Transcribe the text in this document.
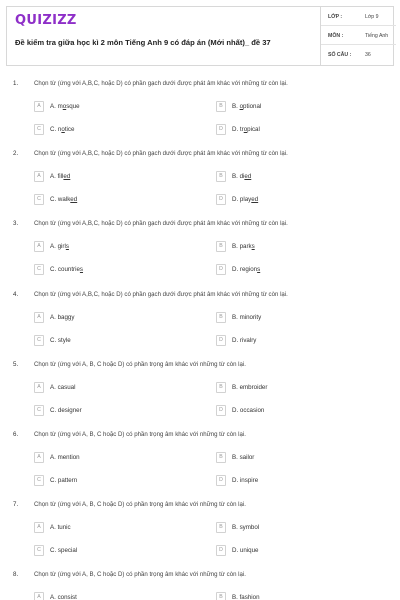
QUIZIZZ
Đề kiểm tra giữa học kì 2 môn Tiếng Anh 9 có đáp án (Mới nhất)_ đề 37
LỚP :	Lớp 9
MÔN :	Tiếng Anh
SỐ CÂU :	36
1.	Chọn từ (ứng với A,B,C, hoặc D) có phần gạch dưới được phát âm khác với những từ còn lại.
A	A. mosque	B	B. optional
C	C. notice	D	D. tropical
2.	Chọn từ (ứng với A,B,C, hoặc D) có phần gạch dưới được phát âm khác với những từ còn lại.
A	A. filled	B	B. died
C	C. walked	D	D. played
3.	Chọn từ (ứng với A,B,C, hoặc D) có phần gạch dưới được phát âm khác với những từ còn lại.
A	A. girls	B	B. parks
C	C. countries	D	D. regions
4.	Chọn từ (ứng với A,B,C, hoặc D) có phần gạch dưới được phát âm khác với những từ còn lại.
A	A. baggy	B	B. minority
C	C. style	D	D. rivalry
5.	Chọn từ (ứng với A, B, C hoặc D) có phần trọng âm khác với những từ còn lại.
A	A. casual	B	B. embroider
C	C. designer	D	D. occasion
6.	Chọn từ (ứng với A, B, C hoặc D) có phần trọng âm khác với những từ còn lại.
A	A. mention	B	B. sailor
C	C. pattern	D	D. inspire
7.	Chọn từ (ứng với A, B, C hoặc D) có phần trọng âm khác với những từ còn lại.
A	A. tunic	B	B. symbol
C	C. special	D	D. unique
8.	Chọn từ (ứng với A, B, C hoặc D) có phần trọng âm khác với những từ còn lại.
A	A. consist	B	B. fashion
